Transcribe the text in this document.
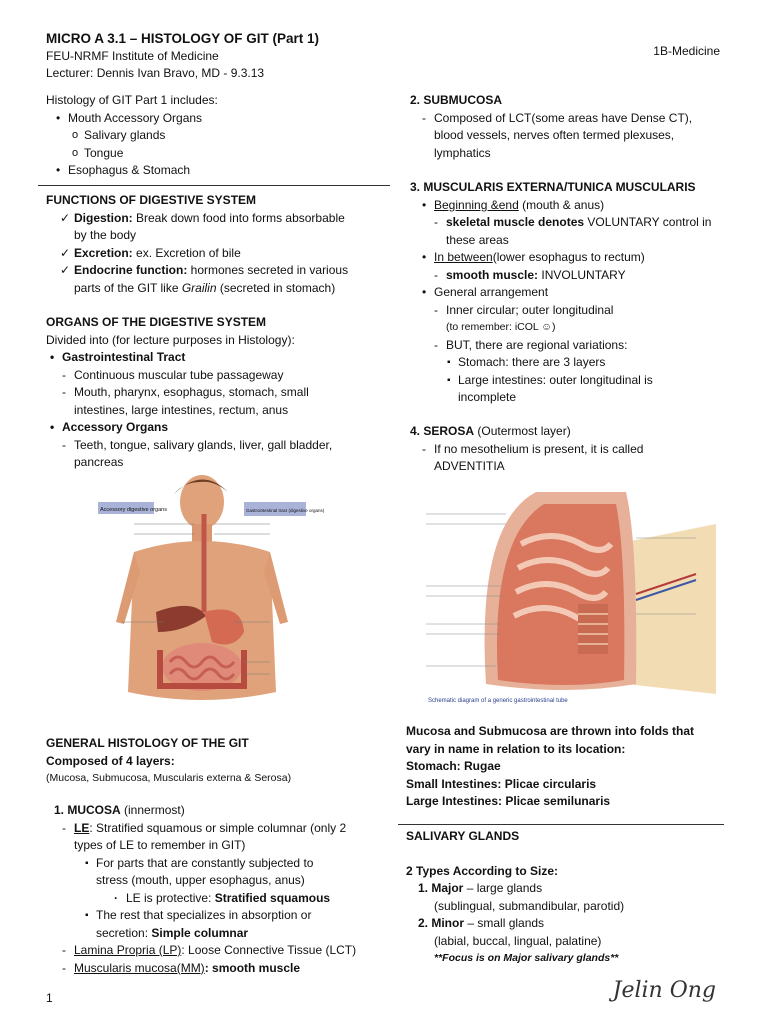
MICRO A 3.1 – HISTOLOGY OF GIT (Part 1)
FEU-NRMF Institute of Medicine
Lecturer: Dennis Ivan Bravo, MD - 9.3.13
1B-Medicine
Histology of GIT Part 1 includes:
• Mouth Accessory Organs
o Salivary glands
o Tongue
• Esophagus & Stomach
FUNCTIONS OF DIGESTIVE SYSTEM
✓ Digestion: Break down food into forms absorbable
by the body
✓ Excretion: ex. Excretion of bile
✓ Endocrine function: hormones secreted in various
parts of the GIT like Grailin (secreted in stomach)
ORGANS OF THE DIGESTIVE SYSTEM
Divided into (for lecture purposes in Histology):
• Gastrointestinal Tract
- Continuous muscular tube passageway
- Mouth, pharynx, esophagus, stomach, small
intestines, large intestines, rectum, anus
• Accessory Organs
- Teeth, tongue, salivary glands, liver, gall bladder,
pancreas
Accessory digestive organs	Gastrointestinal tract (digestive organs)
GENERAL HISTOLOGY OF THE GIT
Composed of 4 layers:
(Mucosa, Submucosa, Muscularis externa & Serosa)
1. MUCOSA (innermost)
- LE: Stratified squamous or simple columnar (only 2
types of LE to remember in GIT)
▪ For parts that are constantly subjected to
stress (mouth, upper esophagus, anus)
· LE is protective: Stratified squamous
▪ The rest that specializes in absorption or
secretion: Simple columnar
- Lamina Propria (LP): Loose Connective Tissue (LCT)
- Muscularis mucosa(MM): smooth muscle
2. SUBMUCOSA
- Composed of LCT(some areas have Dense CT),
blood vessels, nerves often termed plexuses,
lymphatics
3. MUSCULARIS EXTERNA/TUNICA MUSCULARIS
• Beginning &end (mouth & anus)
- skeletal muscle denotes VOLUNTARY control in
these areas
• In between(lower esophagus to rectum)
- smooth muscle: INVOLUNTARY
• General arrangement
- Inner circular; outer longitudinal
(to remember: iCOL ☺)
- BUT, there are regional variations:
▪ Stomach: there are 3 layers
▪ Large intestines: outer longitudinal is
incomplete
4. SEROSA (Outermost layer)
- If no mesothelium is present, it is called
ADVENTITIA
Schematic diagram of a generic gastrointestinal tube
Mucosa and Submucosa are thrown into folds that
vary in name in relation to its location:
Stomach: Rugae
Small Intestines: Plicae circularis
Large Intestines: Plicae semilunaris
SALIVARY GLANDS
2 Types According to Size:
1. Major – large glands
(sublingual, submandibular, parotid)
2. Minor – small glands
(labial, buccal, lingual, palatine)
**Focus is on Major salivary glands**
1	Jelin Ong
